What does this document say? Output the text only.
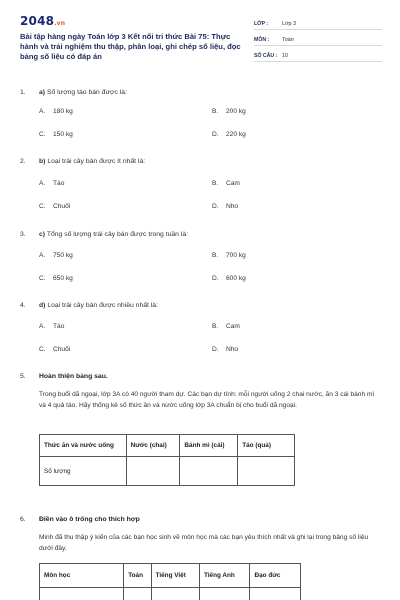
2048.vn
Bài tập hàng ngày Toán lớp 3 Kết nối tri thức Bài 75: Thực hành và trải nghiệm thu thập, phân loại, ghi chép số liệu, đọc bảng số liệu có đáp án
LỚP :	Lớp 3
MÔN :	Toán
SỐ CÂU : 10
1.	a) Số lượng táo bán được là:
A.	180 kg	B.	200 kg
C.	150 kg	D.	220 kg
2.	b) Loại trái cây bán được ít nhất là:
A.	Táo	B.	Cam
C.	Chuối	D.	Nho
3.	c) Tổng số lượng trái cây bán được trong tuần là:
A.	750 kg	B.	700 kg
C.	650 kg	D.	600 kg
4.	d) Loại trái cây bán được nhiều nhất là:
A.	Táo	B.	Cam
C.	Chuối	D.	Nho
5.	Hoàn thiện bảng sau.
Trong buổi dã ngoại, lớp 3A có 40 người tham dự. Các bạn dự tính: mỗi người uống 2 chai nước, ăn 3 cái bánh mì và 4 quả táo. Hãy thống kê số thức ăn và nước uống lớp 3A chuẩn bị cho buổi dã ngoại.
Thức ăn và nước uống	Nước (chai)	Bánh mì (cái)	Táo (quả)
Số lượng			
6.	Điền vào ô trống cho thích hợp
Minh đã thu thập ý kiến của các bạn học sinh về môn học mà các bạn yêu thích nhất và ghi lại trong bảng số liệu dưới đây.
Môn học	Toán	Tiếng Việt	Tiếng Anh	Đạo đức
